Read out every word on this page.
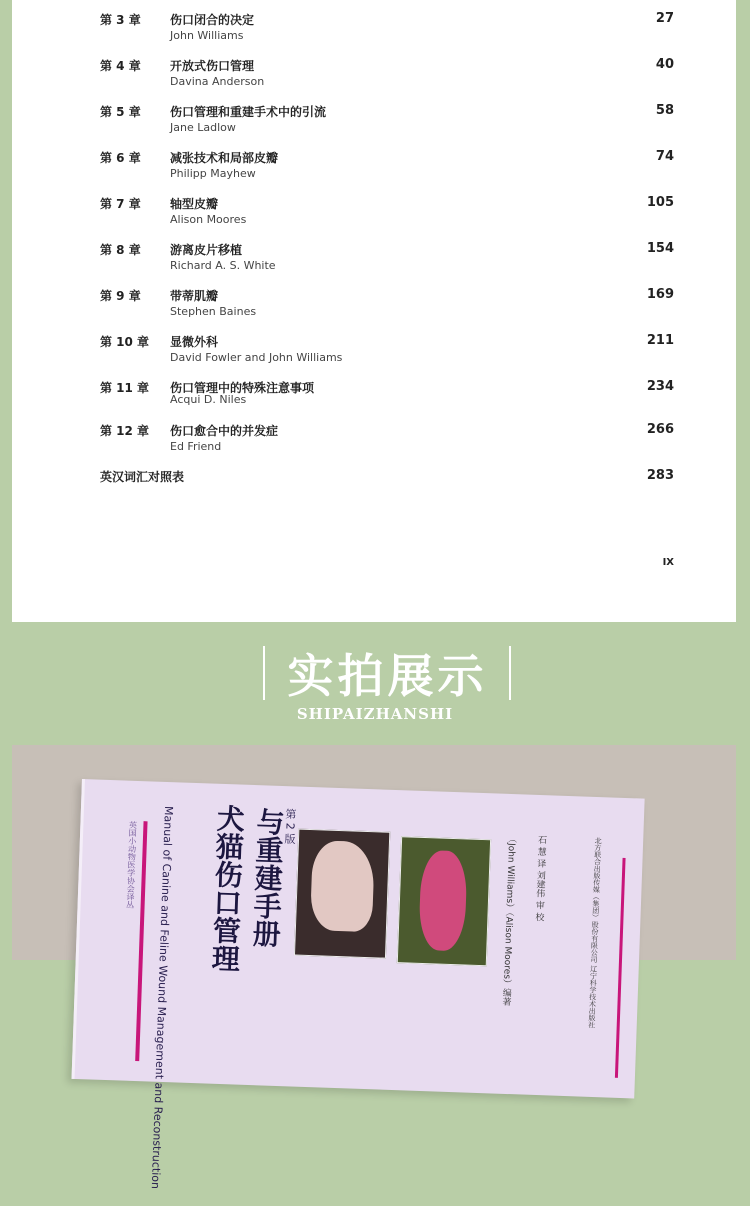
第 3 章 伤口闭合的决定
John Williams
27
第 4 章 开放式伤口管理
Davina Anderson
40
第 5 章 伤口管理和重建手术中的引流
Jane Ladlow
58
第 6 章 减张技术和局部皮瓣
Philipp Mayhew
74
第 7 章 轴型皮瓣
Alison Moores
105
第 8 章 游离皮片移植
Richard A. S. White
154
第 9 章 带蒂肌瓣
Stephen Baines
169
第 10 章 显微外科
David Fowler and John Williams
211
第 11 章 伤口管理中的特殊注意事项
Acqui D. Niles
234
第 12 章 伤口愈合中的并发症
Ed Friend
266
英汉词汇对照表	283
IX
实拍展示
SHIPAIZHANSHI
英国小动物医学协会译丛 Manual of Canine and Feline Wound Management and Reconstruction 犬猫伤口管理 与重建手册
第 2 版
（John Williams）（Alison Moores）编著 石 慧 译 刘建伟 审 校	北方联合出版传媒（集团）股份有限公司 辽宁科学技术出版社
